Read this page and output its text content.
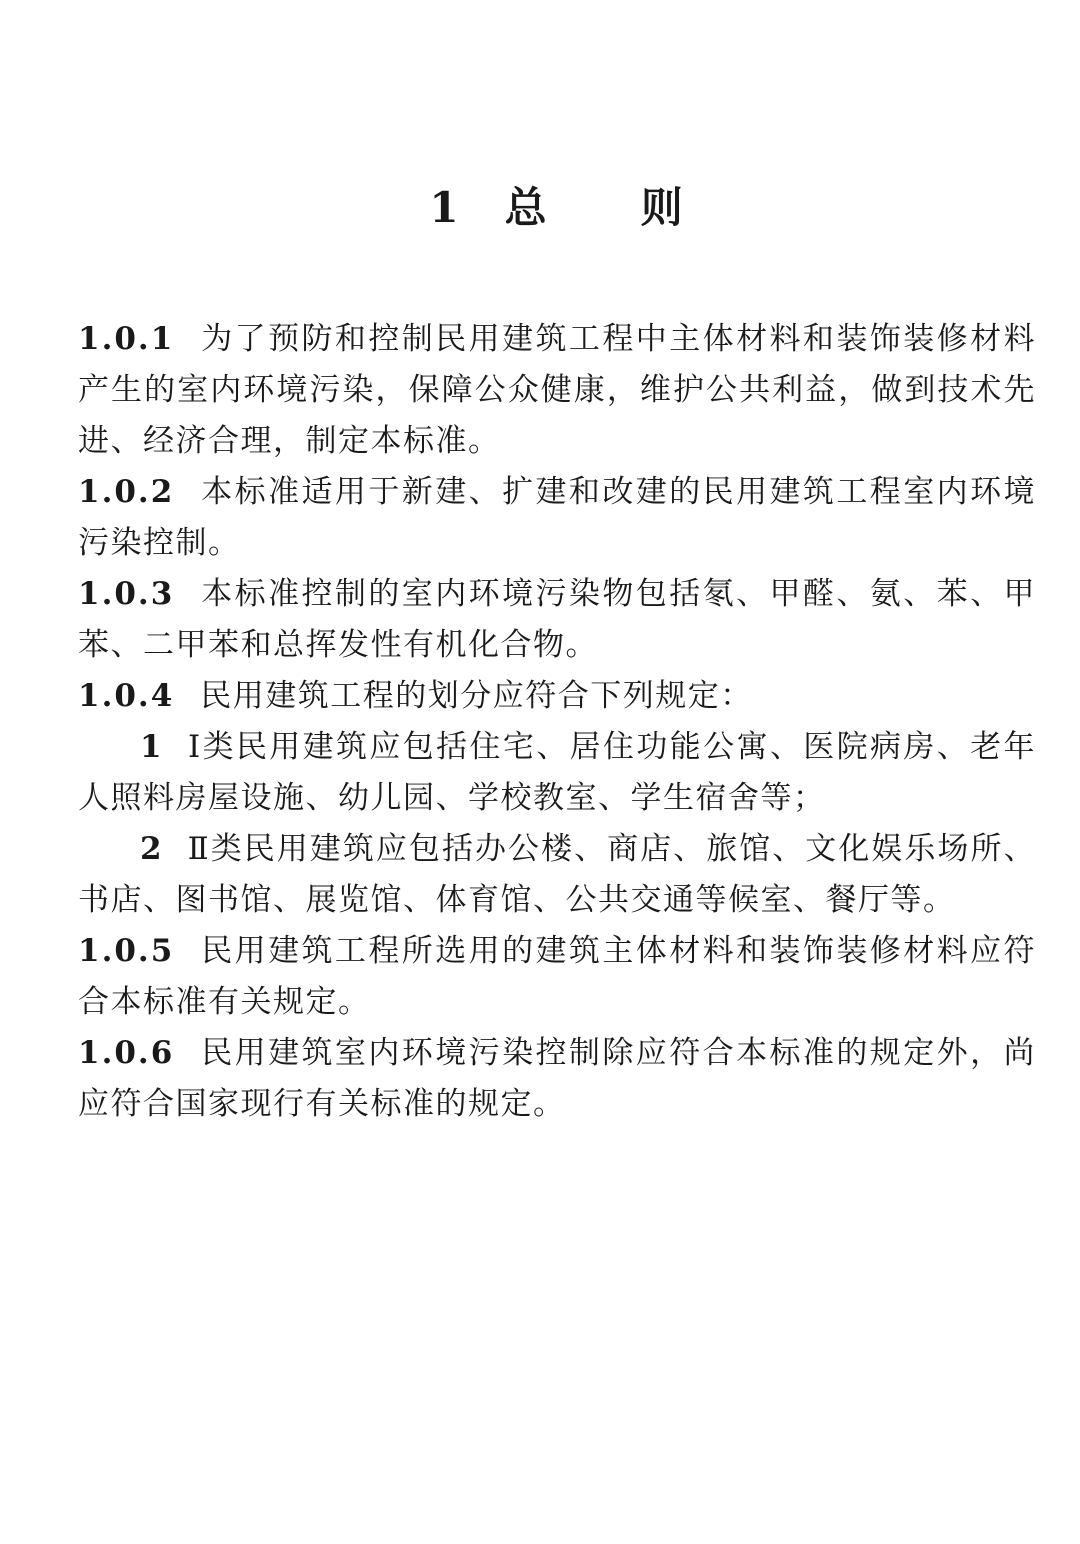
1 总 则

1.0.1 为了预防和控制民用建筑工程中主体材料和装饰装修材料产生的室内环境污染，保障公众健康，维护公共利益，做到技术先进、经济合理，制定本标准。

1.0.2 本标准适用于新建、扩建和改建的民用建筑工程室内环境污染控制。

1.0.3 本标准控制的室内环境污染物包括氡、甲醛、氨、苯、甲苯、二甲苯和总挥发性有机化合物。

1.0.4 民用建筑工程的划分应符合下列规定：

1 Ⅰ类民用建筑应包括住宅、居住功能公寓、医院病房、老年人照料房屋设施、幼儿园、学校教室、学生宿舍等；

2 Ⅱ类民用建筑应包括办公楼、商店、旅馆、文化娱乐场所、书店、图书馆、展览馆、体育馆、公共交通等候室、餐厅等。

1.0.5 民用建筑工程所选用的建筑主体材料和装饰装修材料应符合本标准有关规定。

1.0.6 民用建筑室内环境污染控制除应符合本标准的规定外，尚应符合国家现行有关标准的规定。
